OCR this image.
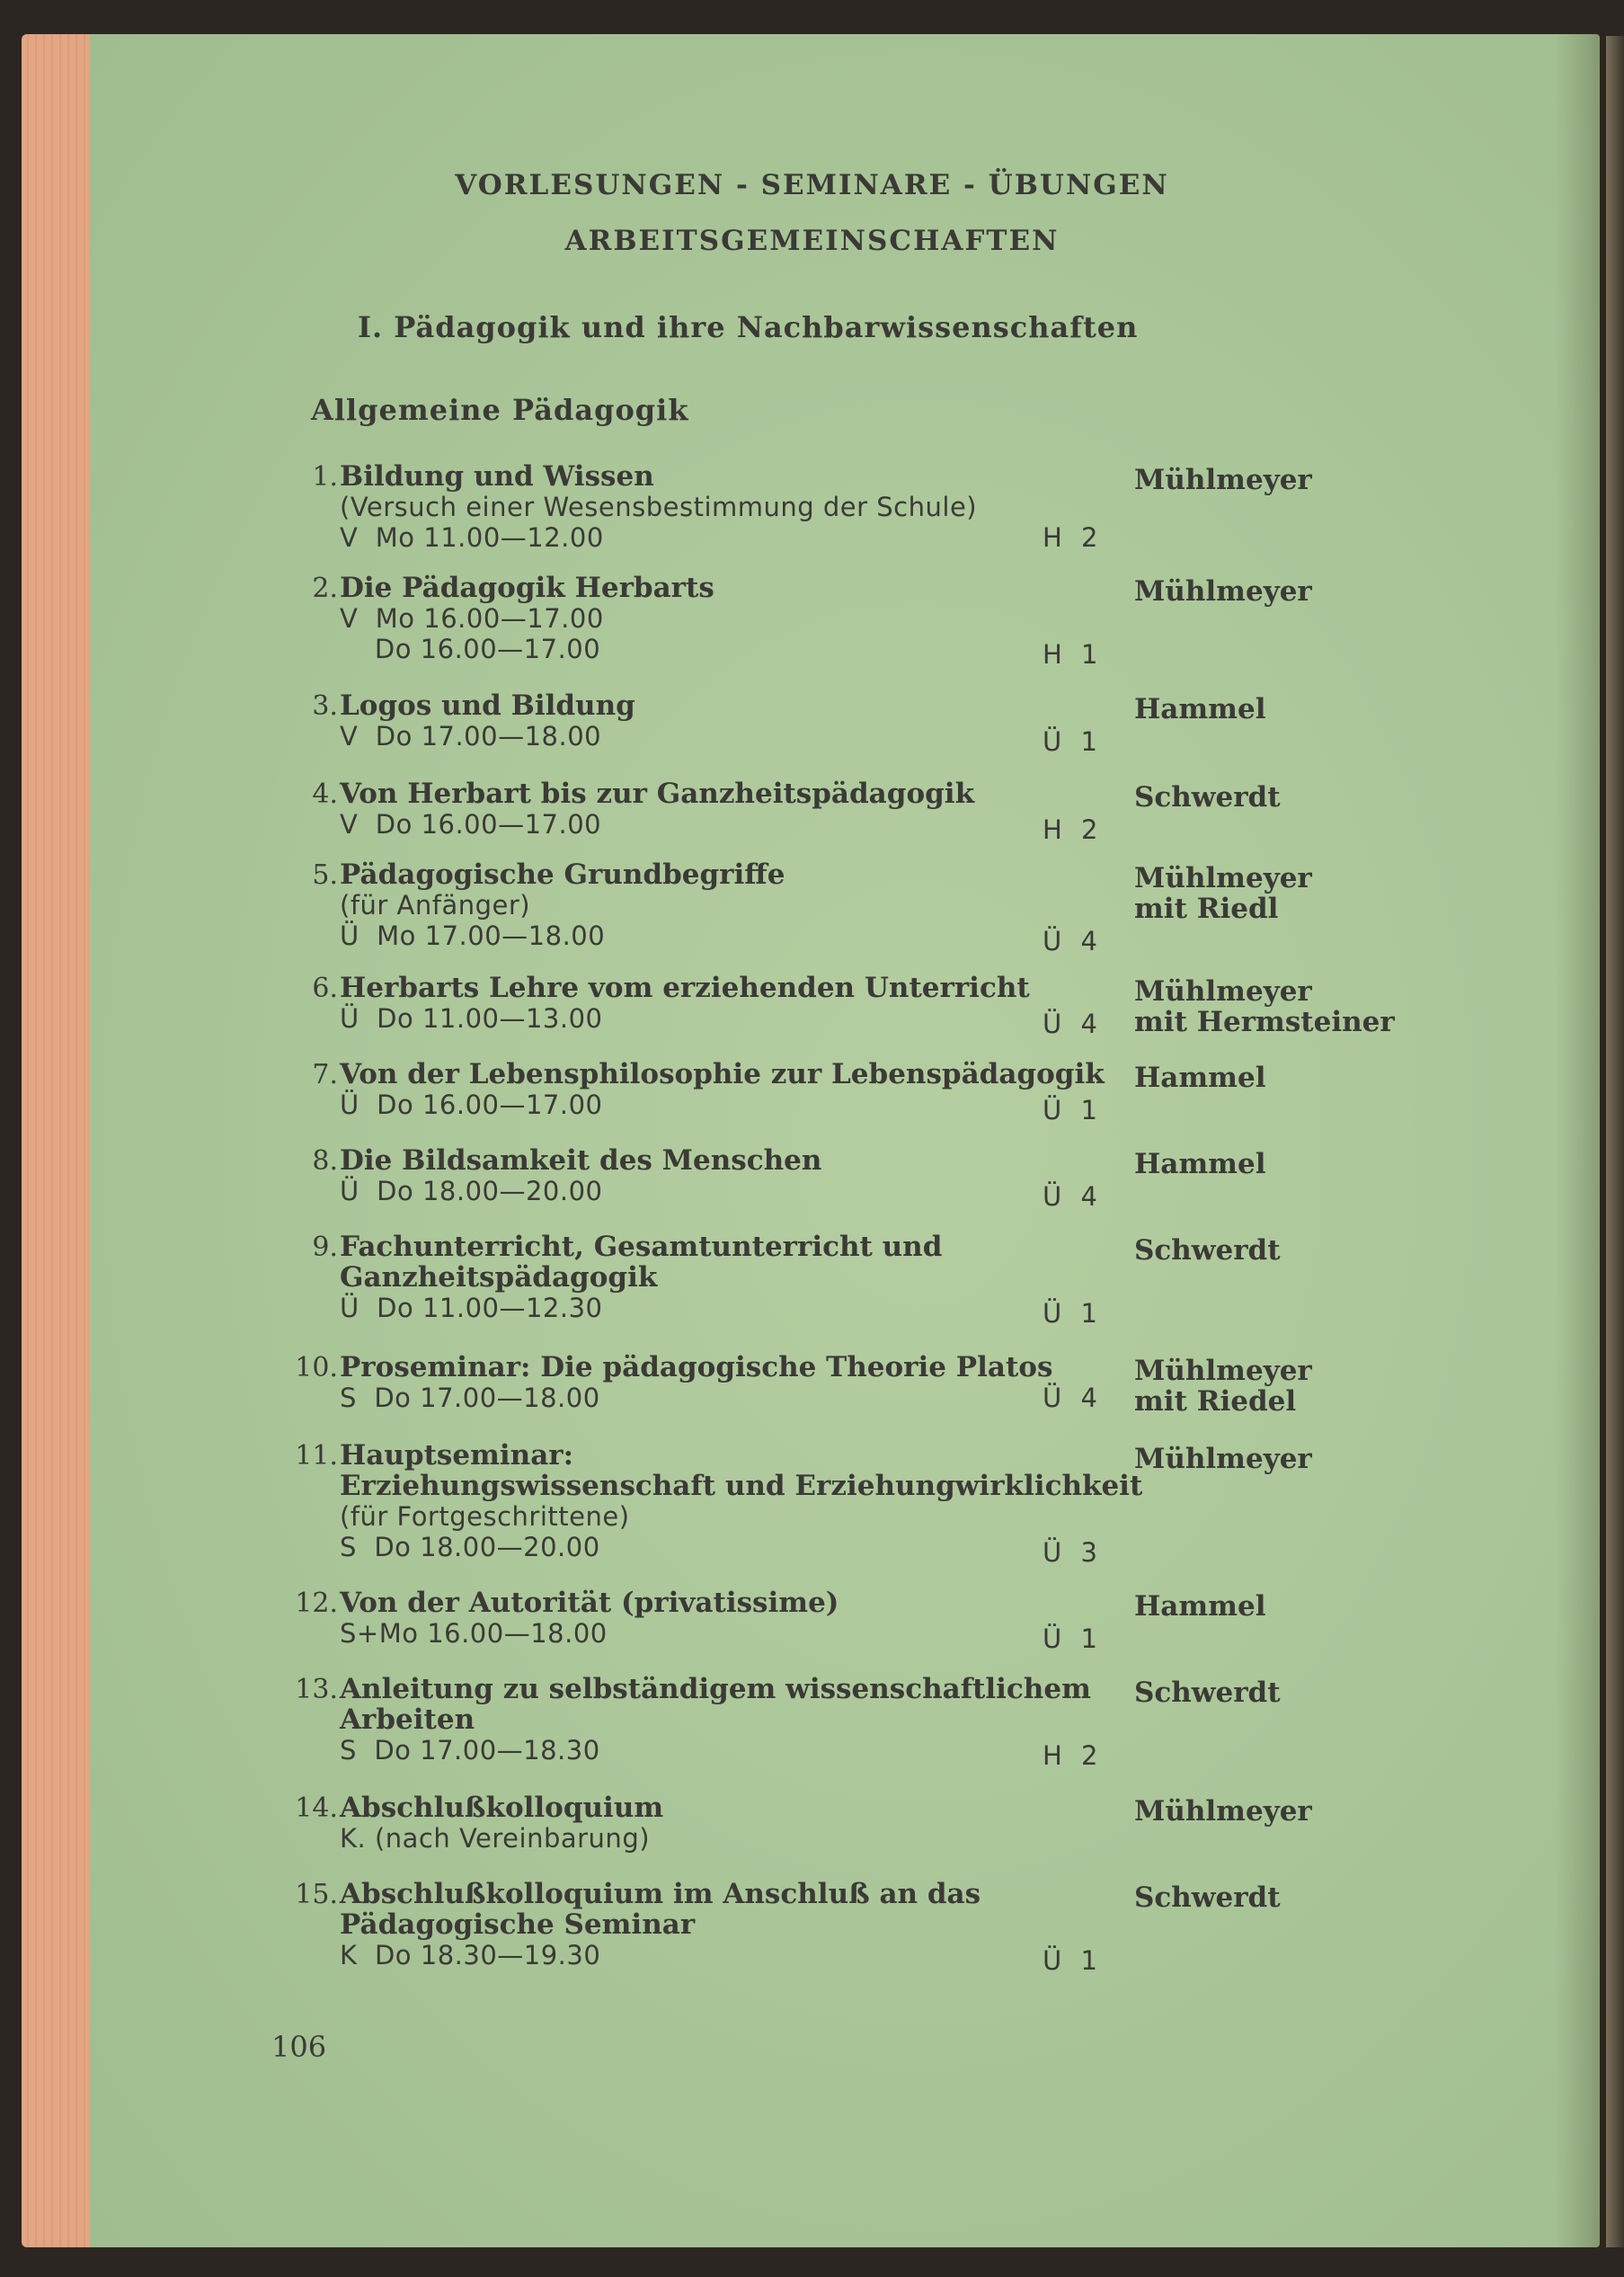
VORLESUNGEN - SEMINARE - ÜBUNGEN
ARBEITSGEMEINSCHAFTEN
I. Pädagogik und ihre Nachbarwissenschaften
Allgemeine Pädagogik
1. Bildung und Wissen
(Versuch einer Wesensbestimmung der Schule)
V  Mo 11.00—12.00	H 2
Mühlmeyer
2. Die Pädagogik Herbarts
V  Mo 16.00—17.00
Do 16.00—17.00	H 1
Mühlmeyer
3. Logos und Bildung
V  Do 17.00—18.00	Ü 1
Hammel
4. Von Herbart bis zur Ganzheitspädagogik
V  Do 16.00—17.00	H 2
Schwerdt
5. Pädagogische Grundbegriffe
(für Anfänger)
Ü  Mo 17.00—18.00	Ü 4
Mühlmeyer
mit Riedl
6. Herbarts Lehre vom erziehenden Unterricht
Ü  Do 11.00—13.00	Ü 4
Mühlmeyer
mit Hermsteiner
7. Von der Lebensphilosophie zur Lebenspädagogik
Ü  Do 16.00—17.00	Ü 1
Hammel
8. Die Bildsamkeit des Menschen
Ü  Do 18.00—20.00	Ü 4
Hammel
9. Fachunterricht, Gesamtunterricht und
Ganzheitspädagogik
Ü  Do 11.00—12.30	Ü 1
Schwerdt
10. Proseminar: Die pädagogische Theorie Platos
S  Do 17.00—18.00	Ü 4
Mühlmeyer
mit Riedel
11. Hauptseminar:
Erziehungswissenschaft und Erziehungwirklichkeit
(für Fortgeschrittene)
S  Do 18.00—20.00	Ü 3
Mühlmeyer
12. Von der Autorität (privatissime)
S+Mo 16.00—18.00	Ü 1
Hammel
13. Anleitung zu selbständigem wissenschaftlichem
Arbeiten
S  Do 17.00—18.30	H 2
Schwerdt
14. Abschlußkolloquium
K. (nach Vereinbarung)
Mühlmeyer
15. Abschlußkolloquium im Anschluß an das
Pädagogische Seminar
K  Do 18.30—19.30	Ü 1
Schwerdt
106
